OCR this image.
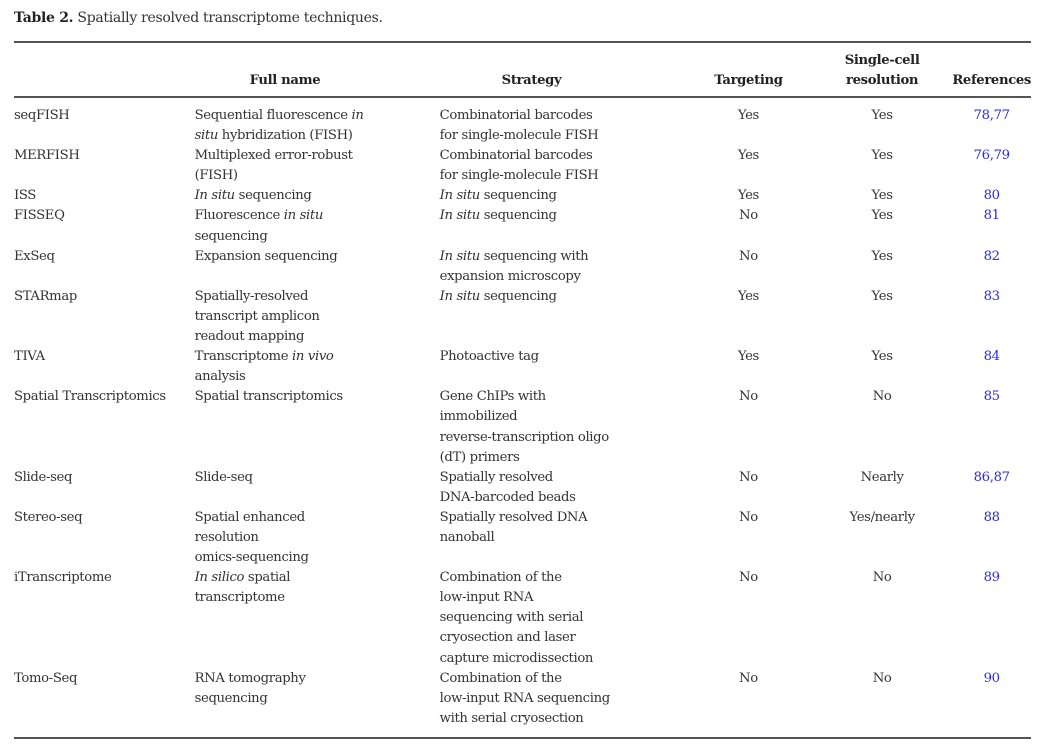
Table 2. Spatially resolved transcriptome techniques.

	Full name	Strategy	Targeting	Single-cell
resolution	References

seqFISH	Sequential fluorescence in
situ hybridization (FISH)	Combinatorial barcodes
for single-molecule FISH	Yes	Yes	78,77

MERFISH	Multiplexed error-robust
(FISH)	Combinatorial barcodes
for single-molecule FISH	Yes	Yes	76,79

ISS	In situ sequencing	In situ sequencing	Yes	Yes	80

FISSEQ	Fluorescence in situ
sequencing	In situ sequencing	No	Yes	81

ExSeq	Expansion sequencing	In situ sequencing with
expansion microscopy	No	Yes	82

STARmap	Spatially-resolved
transcript amplicon
readout mapping	In situ sequencing	Yes	Yes	83

TIVA	Transcriptome in vivo
analysis	Photoactive tag	Yes	Yes	84

Spatial Transcriptomics	Spatial transcriptomics	Gene ChIPs with
immobilized
reverse-transcription oligo
(dT) primers	No	No	85

Slide-seq	Slide-seq	Spatially resolved
DNA-barcoded beads	No	Nearly	86,87

Stereo-seq	Spatial enhanced
resolution
omics-sequencing	Spatially resolved DNA
nanoball	No	Yes/nearly	88

iTranscriptome	In silico spatial
transcriptome	Combination of the
low-input RNA
sequencing with serial
cryosection and laser
capture microdissection	No	No	89

Tomo-Seq	RNA tomography
sequencing	Combination of the
low-input RNA sequencing
with serial cryosection	No	No	90
